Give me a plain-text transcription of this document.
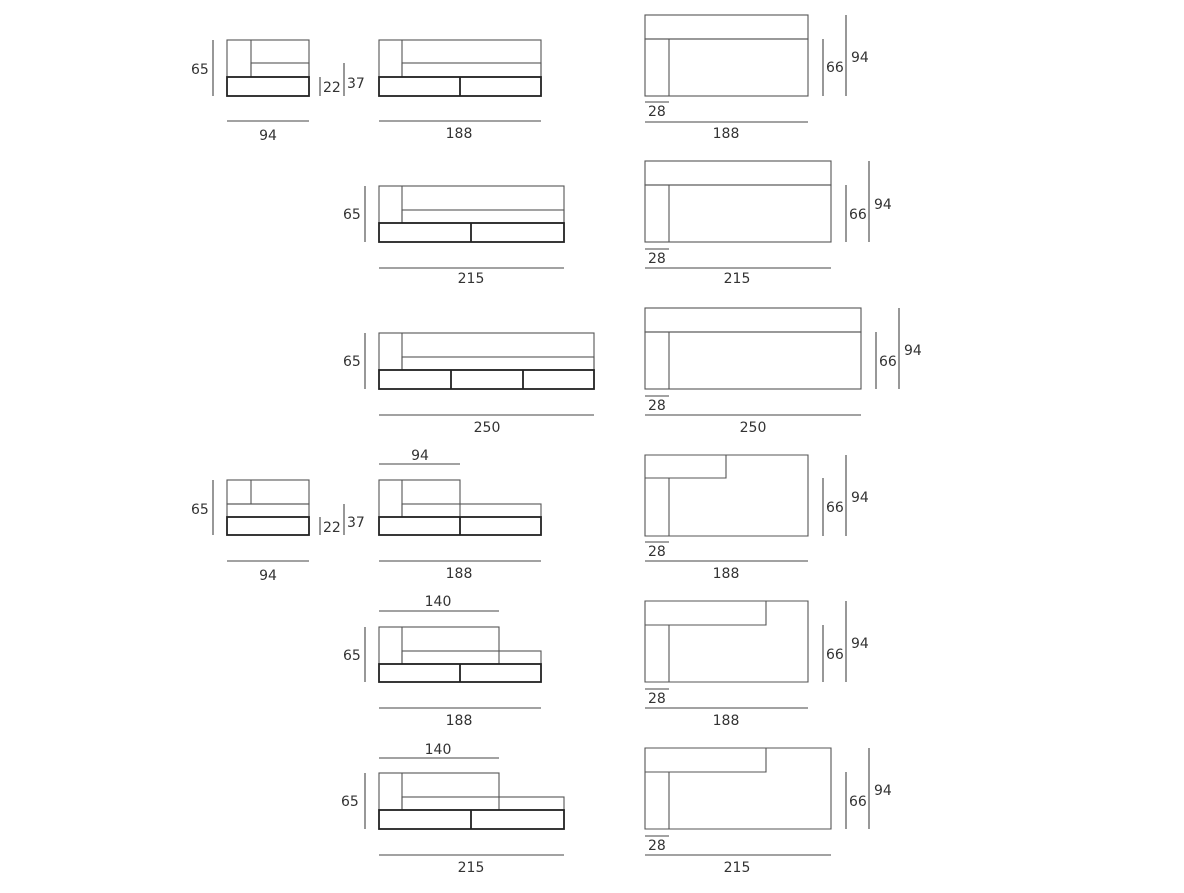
65
22 37
94	188
28
188
66
94
65
215
28
215
66
94
65
250
28
250
66
94
65
22 37
94
94
188
28
188
66
94
140
65
188
28
188
66
94
140
65
215
28
215
66
94
